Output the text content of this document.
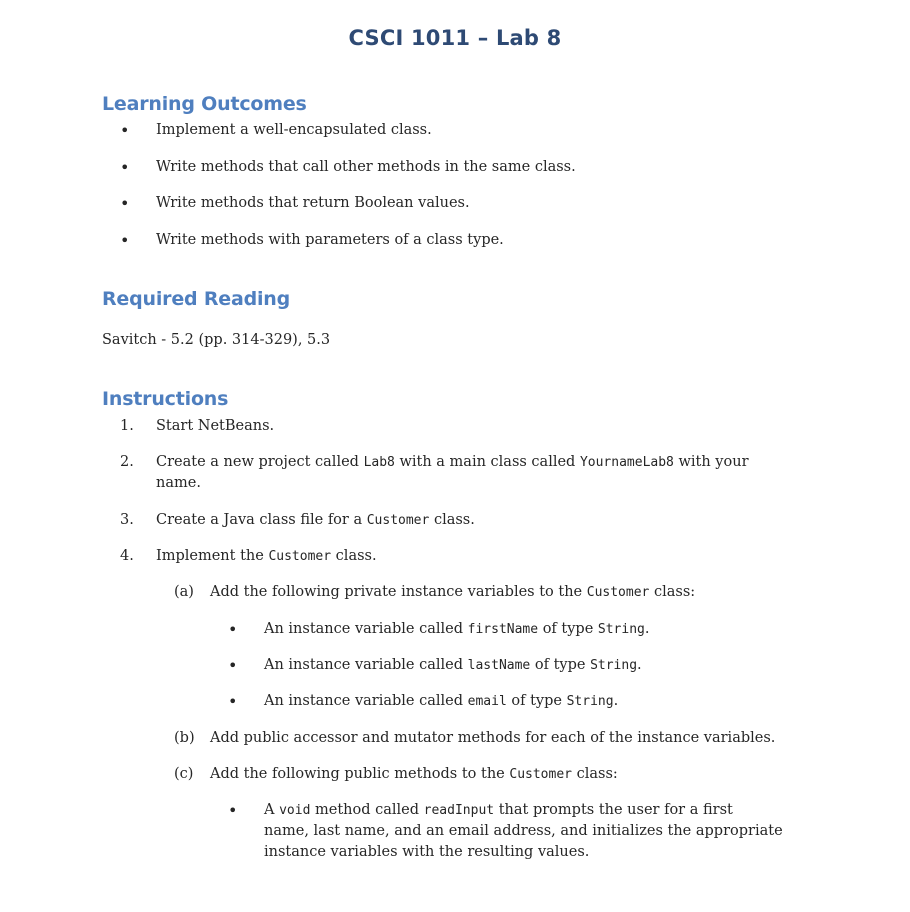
CSCI 1011 – Lab 8
Learning Outcomes
• Implement a well-encapsulated class.
• Write methods that call other methods in the same class.
• Write methods that return Boolean values.
• Write methods with parameters of a class type.
Required Reading
Savitch - 5.2 (pp. 314-329), 5.3
Instructions
1. Start NetBeans.
2. Create a new project called Lab8 with a main class called YournameLab8 with your
name.
3. Create a Java class file for a Customer class.
4. Implement the Customer class.
(a) Add the following private instance variables to the Customer class:
• An instance variable called firstName of type String.
• An instance variable called lastName of type String.
• An instance variable called email of type String.
(b) Add public accessor and mutator methods for each of the instance variables.
(c) Add the following public methods to the Customer class:
• A void method called readInput that prompts the user for a first
name, last name, and an email address, and initializes the appropriate
instance variables with the resulting values.
